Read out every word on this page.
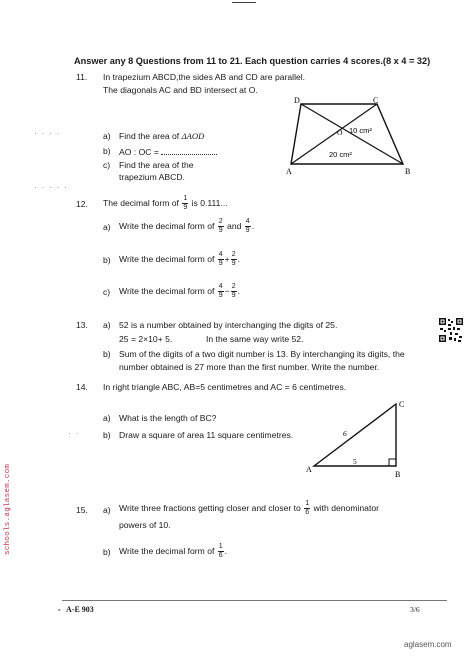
Answer any 8 Questions from 11 to 21. Each question carries 4 scores.(8 x 4 = 32)
11. In trapezium ABCD,the sides AB and CD are parallel.
The diagonals AC and BD intersect at O.
· · · ·	a) Find the area of ΔAOD
b) AO : OC =
c) Find the area of the
trapezium ABCD.
· · · · ·
D	C
A	B
O 10 cm²
20 cm²
12. The decimal form of $\frac{1}{9}$ is 0.111...
a) Write the decimal form of $\frac{2}{9}$ and $\frac{4}{9}$ .
b) Write the decimal form of $\frac{4}{9} + \frac{2}{9}$ .
c) Write the decimal form of $\frac{4}{9} - \frac{2}{9}$ .
13. a) 52 is a number obtained by interchanging the digits of 25.
25 = 2×10+ 5.	In the same way write 52.
b) Sum of the digits of a two digit number is 13. By interchanging its digits, the
number obtained is 27 more than the first number. Write the number.
14. In right triangle ABC, AB=5 centimetres and AC = 6 centimetres.
a) What is the length of BC?
b) Draw a square of area 11 square centimetres.
· ·
C
A
B
6
5
15. a) Write three fractions getting closer and closer to $\frac{1}{6}$ with denominator
powers of 10.
b) Write the decimal form of $\frac{1}{6}$ .
- A-E 903	3/6
schools.aglasem.com
aglasem.com
